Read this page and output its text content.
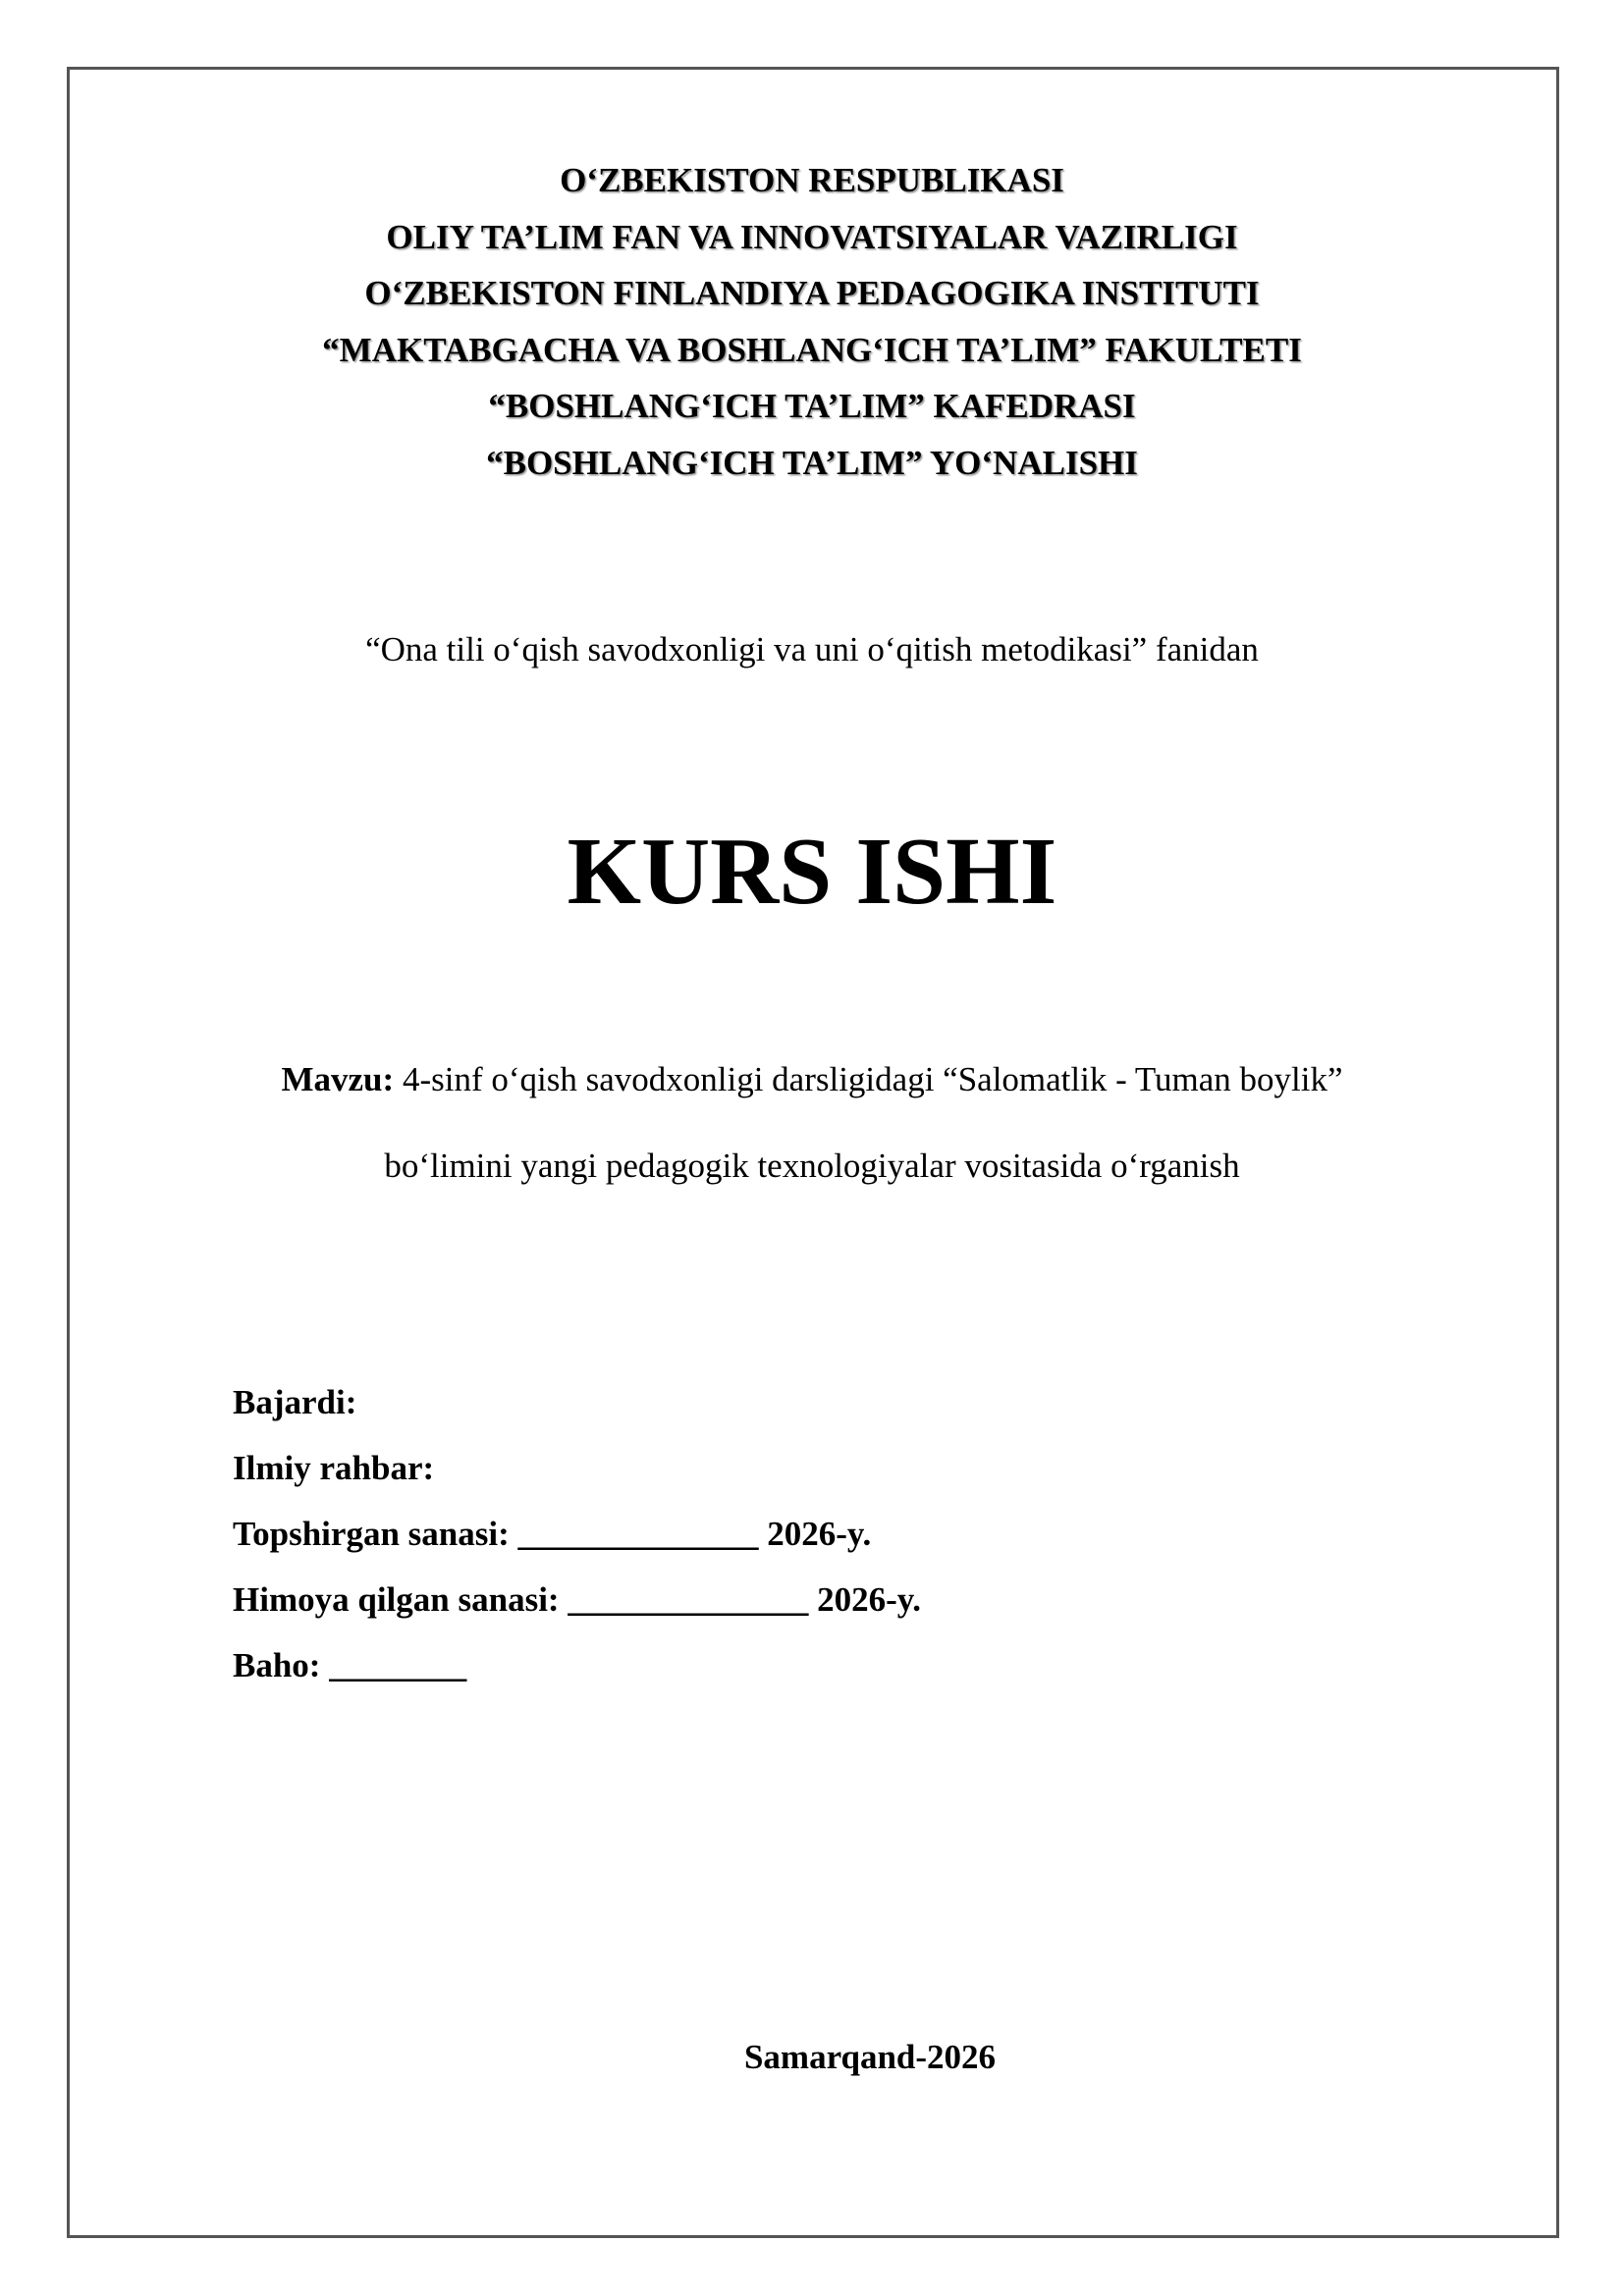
O‘ZBEKISTON RESPUBLIKASI
OLIY TA’LIM FAN VA INNOVATSIYALAR VAZIRLIGI
O‘ZBEKISTON FINLANDIYA PEDAGOGIKA INSTITUTI
“MAKTABGACHA VA BOSHLANG‘ICH TA’LIM” FAKULTETI
“BOSHLANG‘ICH TA’LIM” KAFEDRASI
“BOSHLANG‘ICH TA’LIM” YO‘NALISHI
“Ona tili o‘qish savodxonligi va uni o‘qitish metodikasi” fanidan
KURS ISHI
Mavzu: 4-sinf o‘qish savodxonligi darsligidagi “Salomatlik - Tuman boylik”
bo‘limini yangi pedagogik texnologiyalar vositasida o‘rganish
Bajardi:
Ilmiy rahbar:
Topshirgan sanasi: ______________ 2026-y.
Himoya qilgan sanasi: ______________ 2026-y.
Baho: ________
Samarqand-2026
